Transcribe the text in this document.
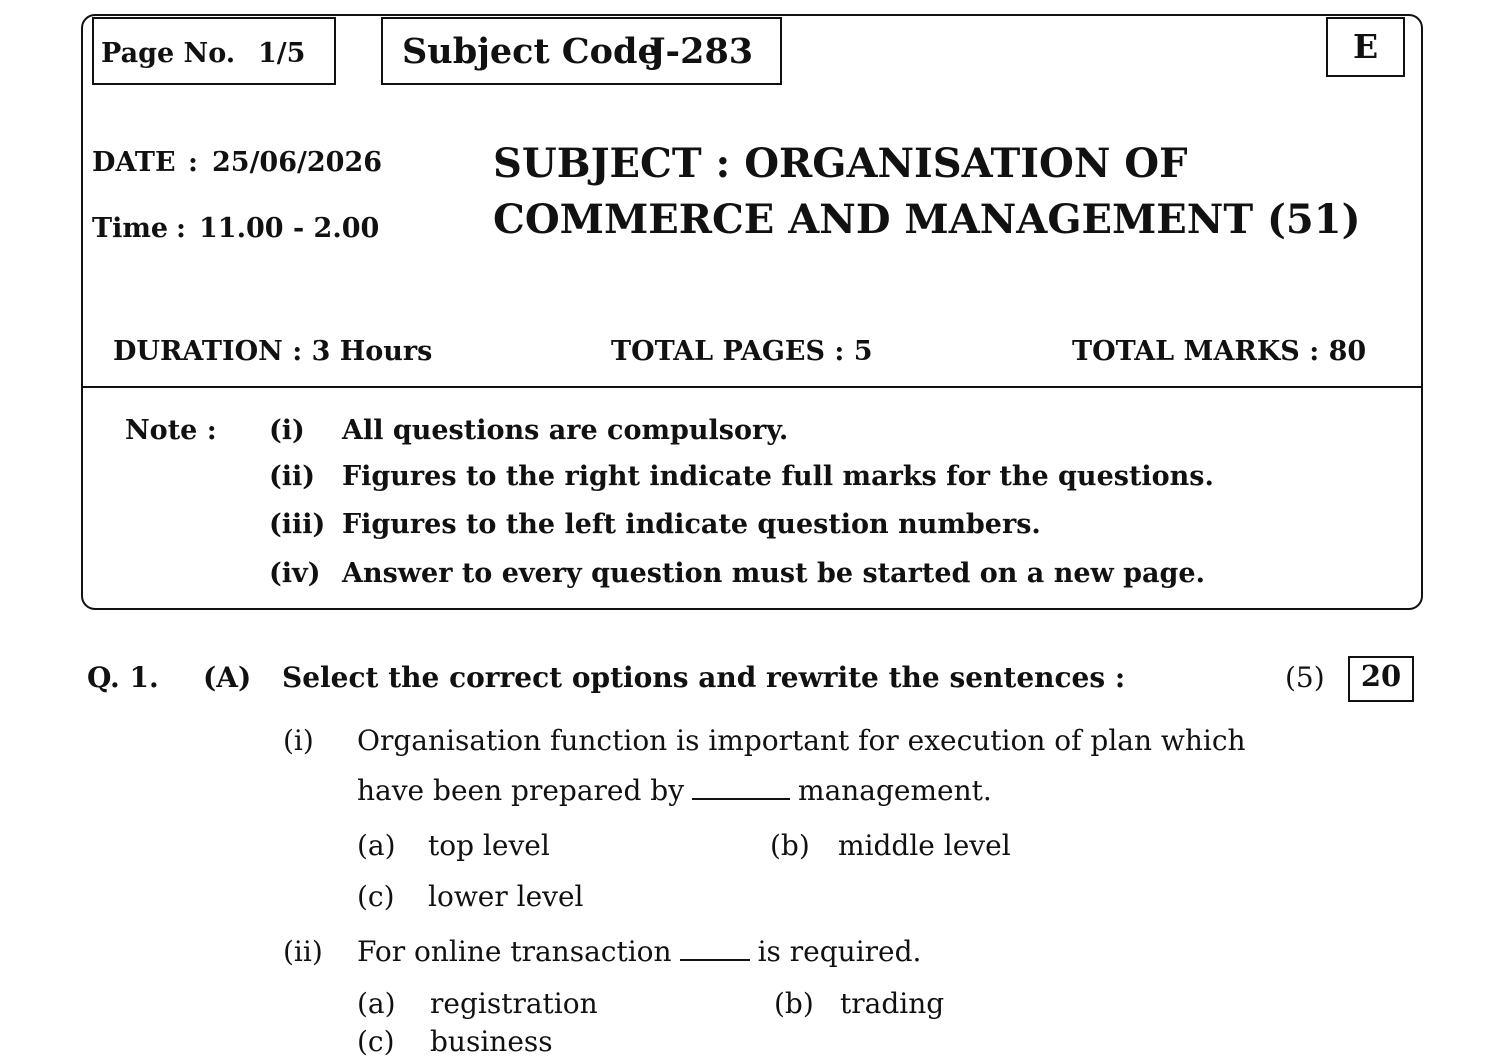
Page No. 1/5	Subject Code
J-283	E
DATE : 25/06/2026
Time : 11.00 - 2.00
SUBJECT : ORGANISATION OF
COMMERCE AND MANAGEMENT (51)
DURATION : 3 Hours	TOTAL PAGES : 5	TOTAL MARKS : 80
Note : (i) All questions are compulsory.
(ii) Figures to the right indicate full marks for the questions.
(iii) Figures to the left indicate question numbers.
(iv) Answer to every question must be started on a new page.
Q. 1. (A) Select the correct options and rewrite the sentences :	(5)	20
(i) Organisation function is important for execution of plan which
have been prepared by	management.
(a) top level	(b) middle level
(c) lower level
(ii) For online transaction	is required.
(a) registration	(b) trading
(c) business
